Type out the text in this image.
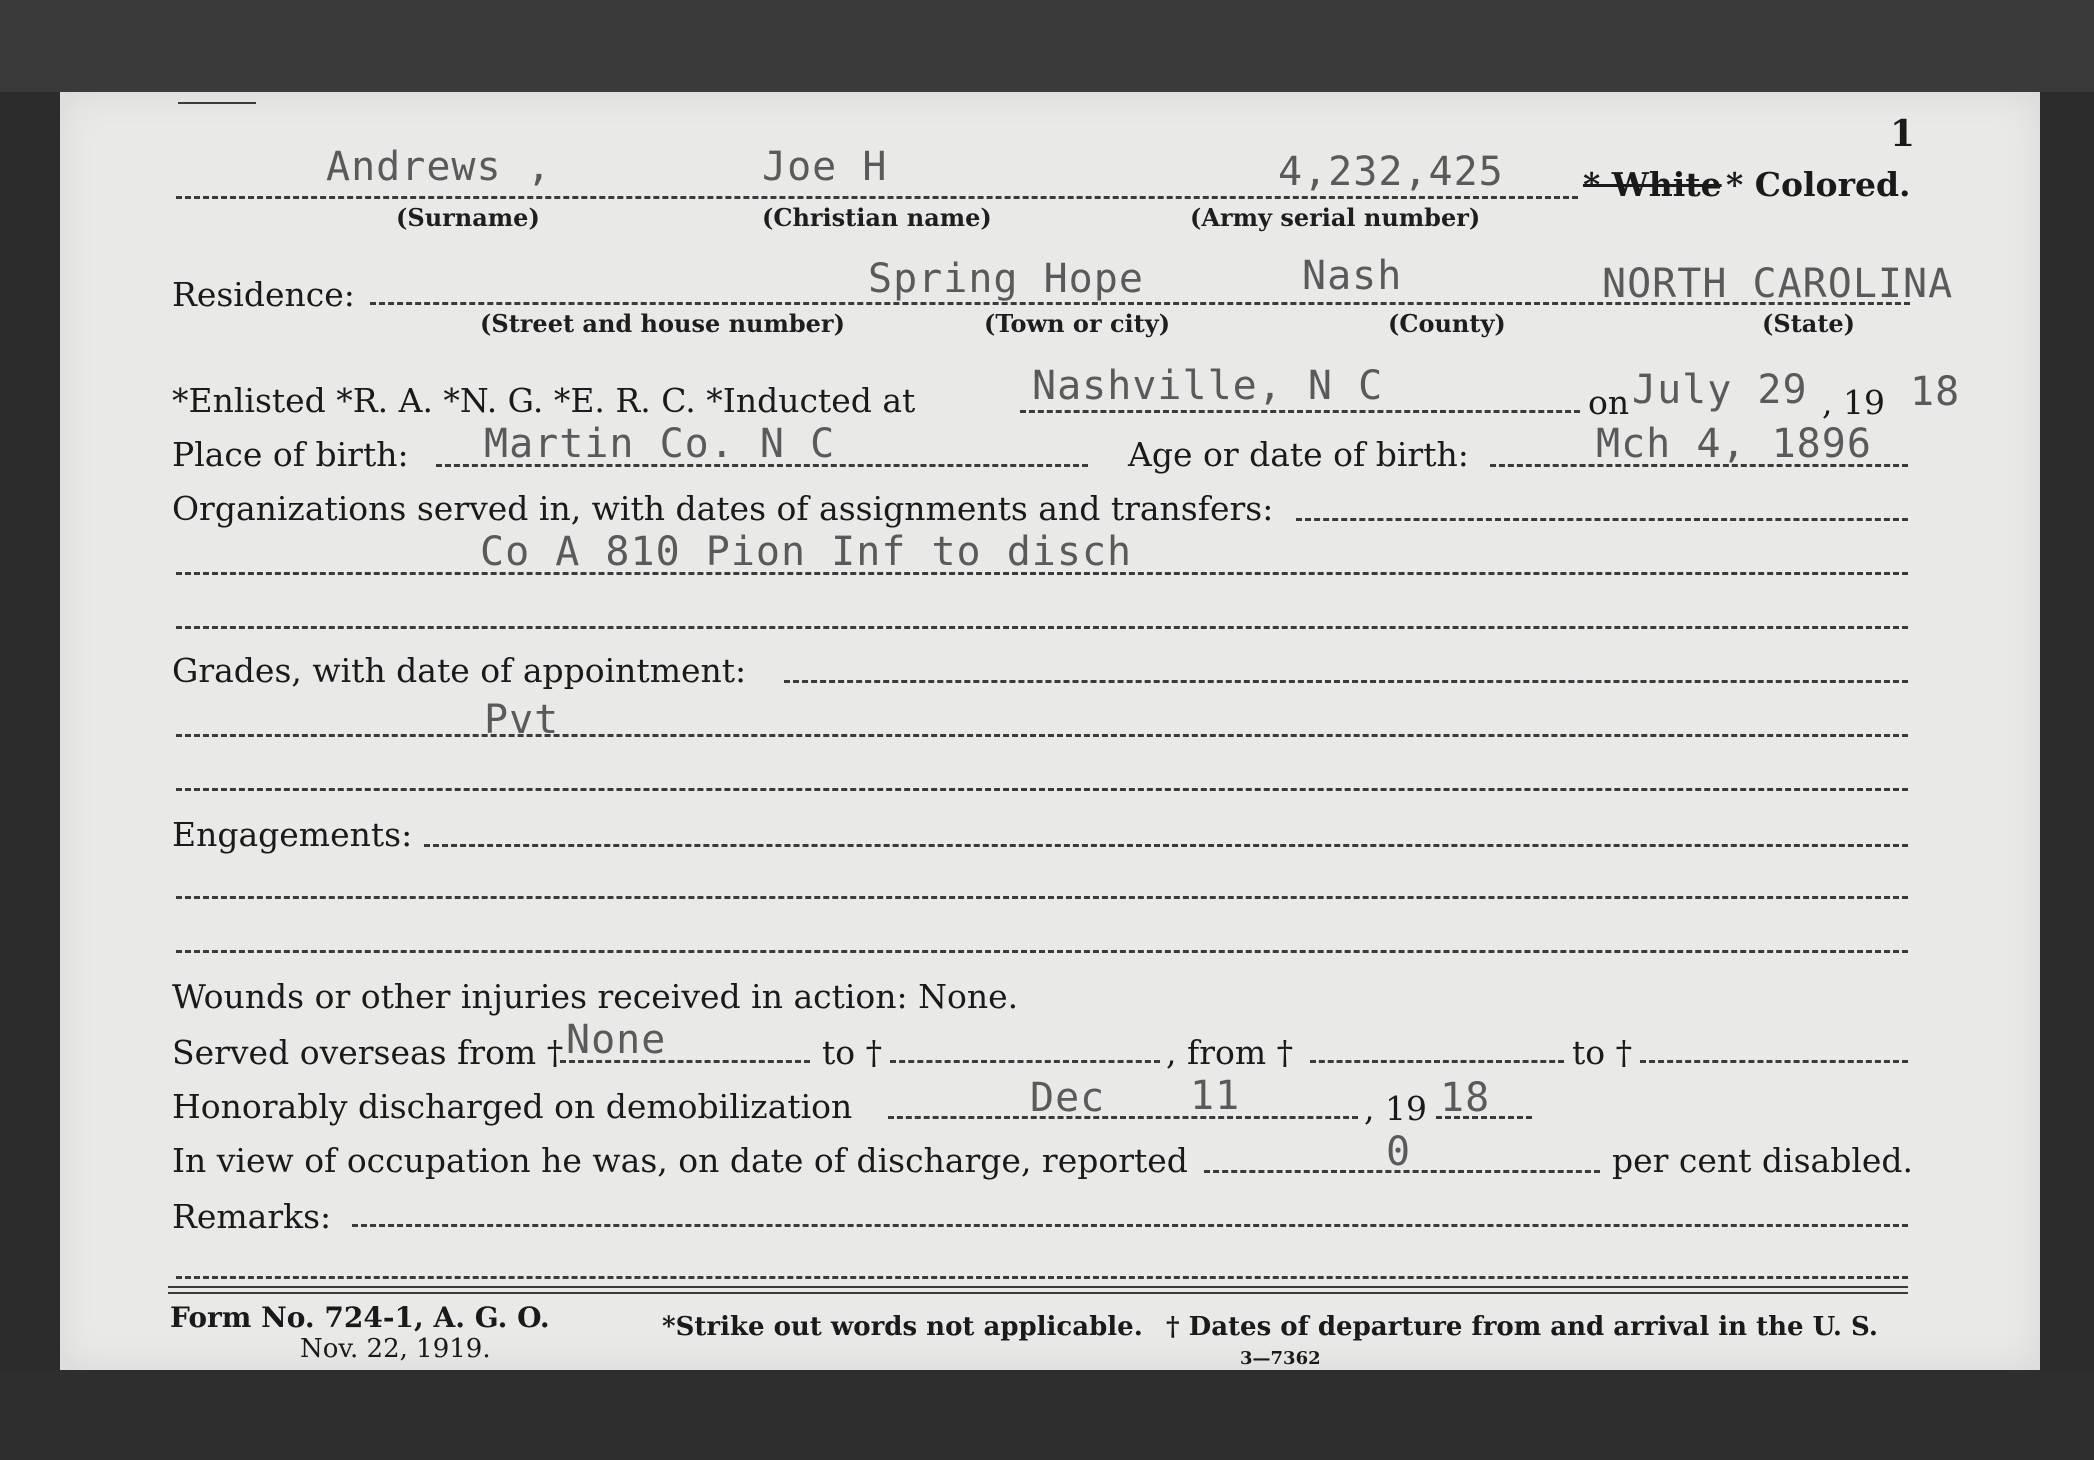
1
Andrews ,	Joe H	4,232,425 * White * Colored.
(Surname)	(Christian name)	(Army serial number)
Residence:	Spring Hope	Nash	NORTH CAROLINA
(Street and house number)	(Town or city)	(County)	(State)
*Enlisted *R. A. *N. G. *E. R. C. *Inducted at	Nashville, N C	on July 29 , 19 18
Place of birth: Martin Co. N C	Age or date of birth:	Mch 4, 1896
Organizations served in, with dates of assignments and transfers:
Co A 810 Pion Inf to disch
Grades, with date of appointment:
Pvt
Engagements:
Wounds or other injuries received in action: None.
Served overseas from † None	to †	, from †	to †
Honorably discharged on demobilization	Dec 11	, 19 18
In view of occupation he was, on date of discharge, reported	0	per cent disabled.
Remarks:
Form No. 724-1, A. G. O.
Nov. 22, 1919.
*Strike out words not applicable. † Dates of departure from and arrival in the U. S.
3—7362
